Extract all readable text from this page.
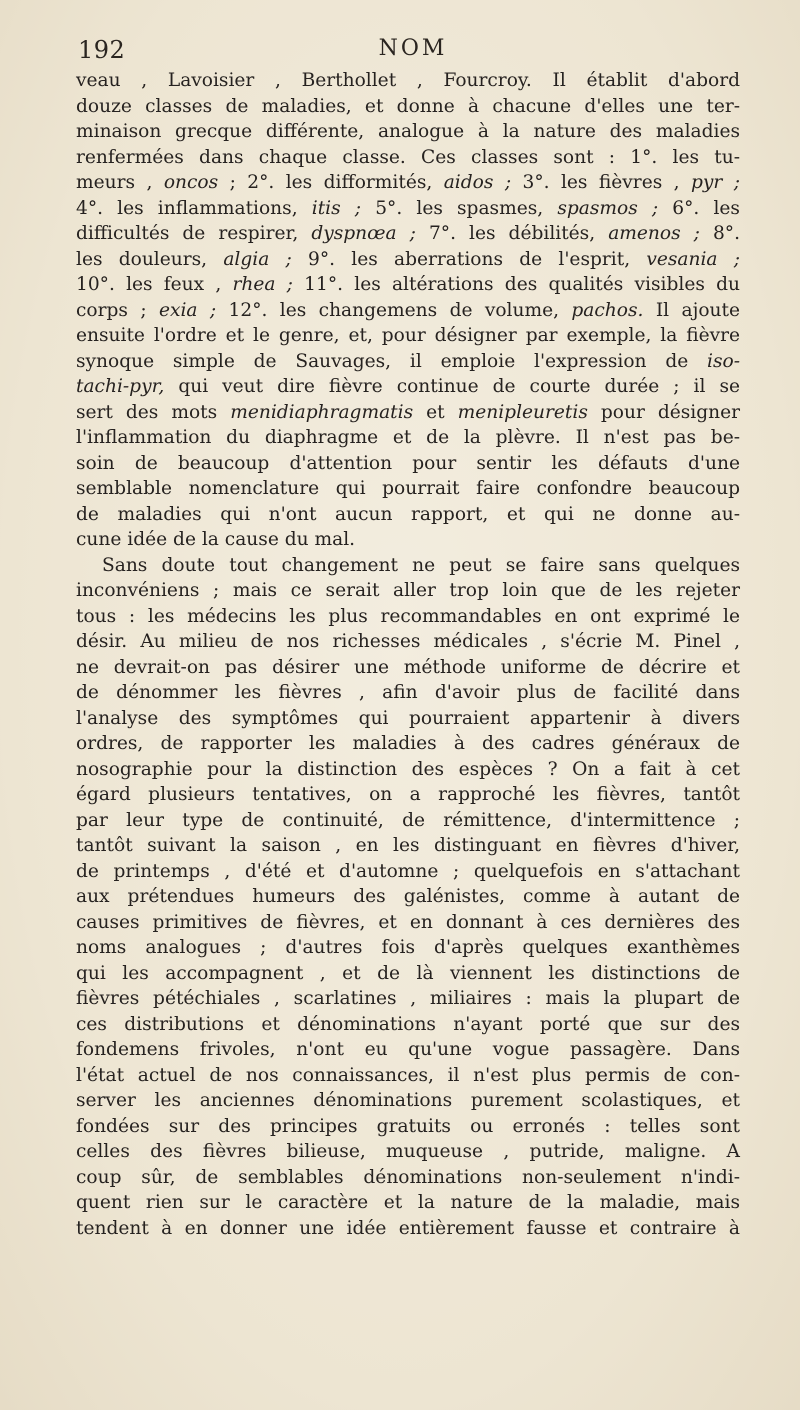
192	NOM
veau , Lavoisier , Berthollet , Fourcroy. Il établit d'abord
douze classes de maladies, et donne à chacune d'elles une ter-
minaison grecque différente, analogue à la nature des maladies
renfermées dans chaque classe. Ces classes sont : 1°. les tu-
meurs , oncos ; 2°. les difformités, aidos ; 3°. les fièvres , pyr ;
4°. les inflammations, itis ; 5°. les spasmes, spasmos ; 6°. les
difficultés de respirer, dyspnœa ; 7°. les débilités, amenos ; 8°.
les douleurs, algia ; 9°. les aberrations de l'esprit, vesania ;
10°. les feux , rhea ; 11°. les altérations des qualités visibles du
corps ; exia ; 12°. les changemens de volume, pachos. Il ajoute
ensuite l'ordre et le genre, et, pour désigner par exemple, la fièvre
synoque simple de Sauvages, il emploie l'expression de iso-
tachi-pyr, qui veut dire fièvre continue de courte durée ; il se
sert des mots menidiaphragmatis et menipleuretis pour désigner
l'inflammation du diaphragme et de la plèvre. Il n'est pas be-
soin de beaucoup d'attention pour sentir les défauts d'une
semblable nomenclature qui pourrait faire confondre beaucoup
de maladies qui n'ont aucun rapport, et qui ne donne au-
cune idée de la cause du mal.
Sans doute tout changement ne peut se faire sans quelques
inconvéniens ; mais ce serait aller trop loin que de les rejeter
tous : les médecins les plus recommandables en ont exprimé le
désir. Au milieu de nos richesses médicales , s'écrie M. Pinel ,
ne devrait-on pas désirer une méthode uniforme de décrire et
de dénommer les fièvres , afin d'avoir plus de facilité dans
l'analyse des symptômes qui pourraient appartenir à divers
ordres, de rapporter les maladies à des cadres généraux de
nosographie pour la distinction des espèces ? On a fait à cet
égard plusieurs tentatives, on a rapproché les fièvres, tantôt
par leur type de continuité, de rémittence, d'intermittence ;
tantôt suivant la saison , en les distinguant en fièvres d'hiver,
de printemps , d'été et d'automne ; quelquefois en s'attachant
aux prétendues humeurs des galénistes, comme à autant de
causes primitives de fièvres, et en donnant à ces dernières des
noms analogues ; d'autres fois d'après quelques exanthèmes
qui les accompagnent , et de là viennent les distinctions de
fièvres pétéchiales , scarlatines , miliaires : mais la plupart de
ces distributions et dénominations n'ayant porté que sur des
fondemens frivoles, n'ont eu qu'une vogue passagère. Dans
l'état actuel de nos connaissances, il n'est plus permis de con-
server les anciennes dénominations purement scolastiques, et
fondées sur des principes gratuits ou erronés : telles sont
celles des fièvres bilieuse, muqueuse , putride, maligne. A
coup sûr, de semblables dénominations non-seulement n'indi-
quent rien sur le caractère et la nature de la maladie, mais
tendent à en donner une idée entièrement fausse et contraire à
